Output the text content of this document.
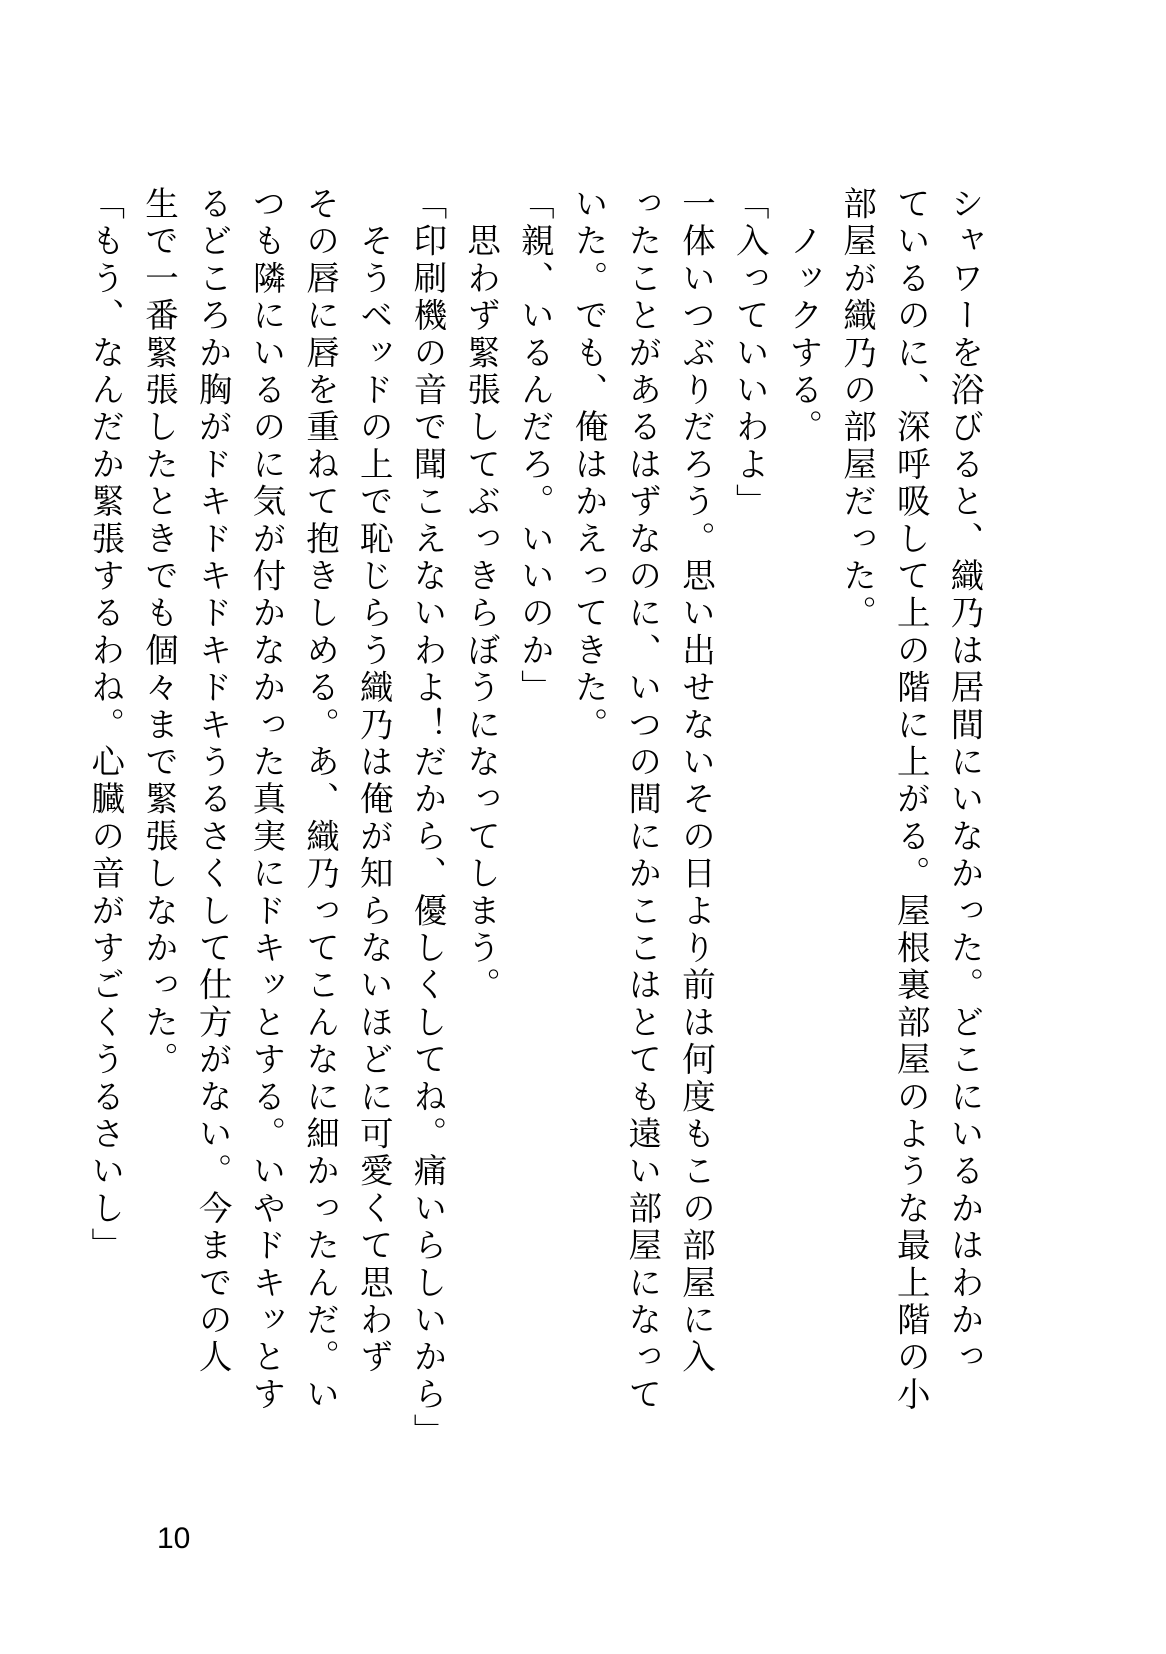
シャワーを浴びると、織乃は居間にいなかった。どこにいるかはわかっ
ているのに、深呼吸して上の階に上がる。屋根裏部屋のような最上階の小
部屋が織乃の部屋だった。
　ノックする。
「入っていいわよ」
一体いつぶりだろう。思い出せないその日より前は何度もこの部屋に入
ったことがあるはずなのに、いつの間にかここはとても遠い部屋になって
いた。でも、俺はかえってきた。
「親、いるんだろ。いいのか」
　思わず緊張してぶっきらぼうになってしまう。
「印刷機の音で聞こえないわよ！だから、優しくしてね。痛いらしいから」
　そうベッドの上で恥じらう織乃は俺が知らないほどに可愛くて思わず
その唇に唇を重ねて抱きしめる。あ、織乃ってこんなに細かったんだ。い
つも隣にいるのに気が付かなかった真実にドキッとする。いやドキッとす
るどころか胸がドキドキドキドキうるさくして仕方がない。今までの人
生で一番緊張したときでも個々まで緊張しなかった。
「もう、なんだか緊張するわね。心臓の音がすごくうるさいし」
10
